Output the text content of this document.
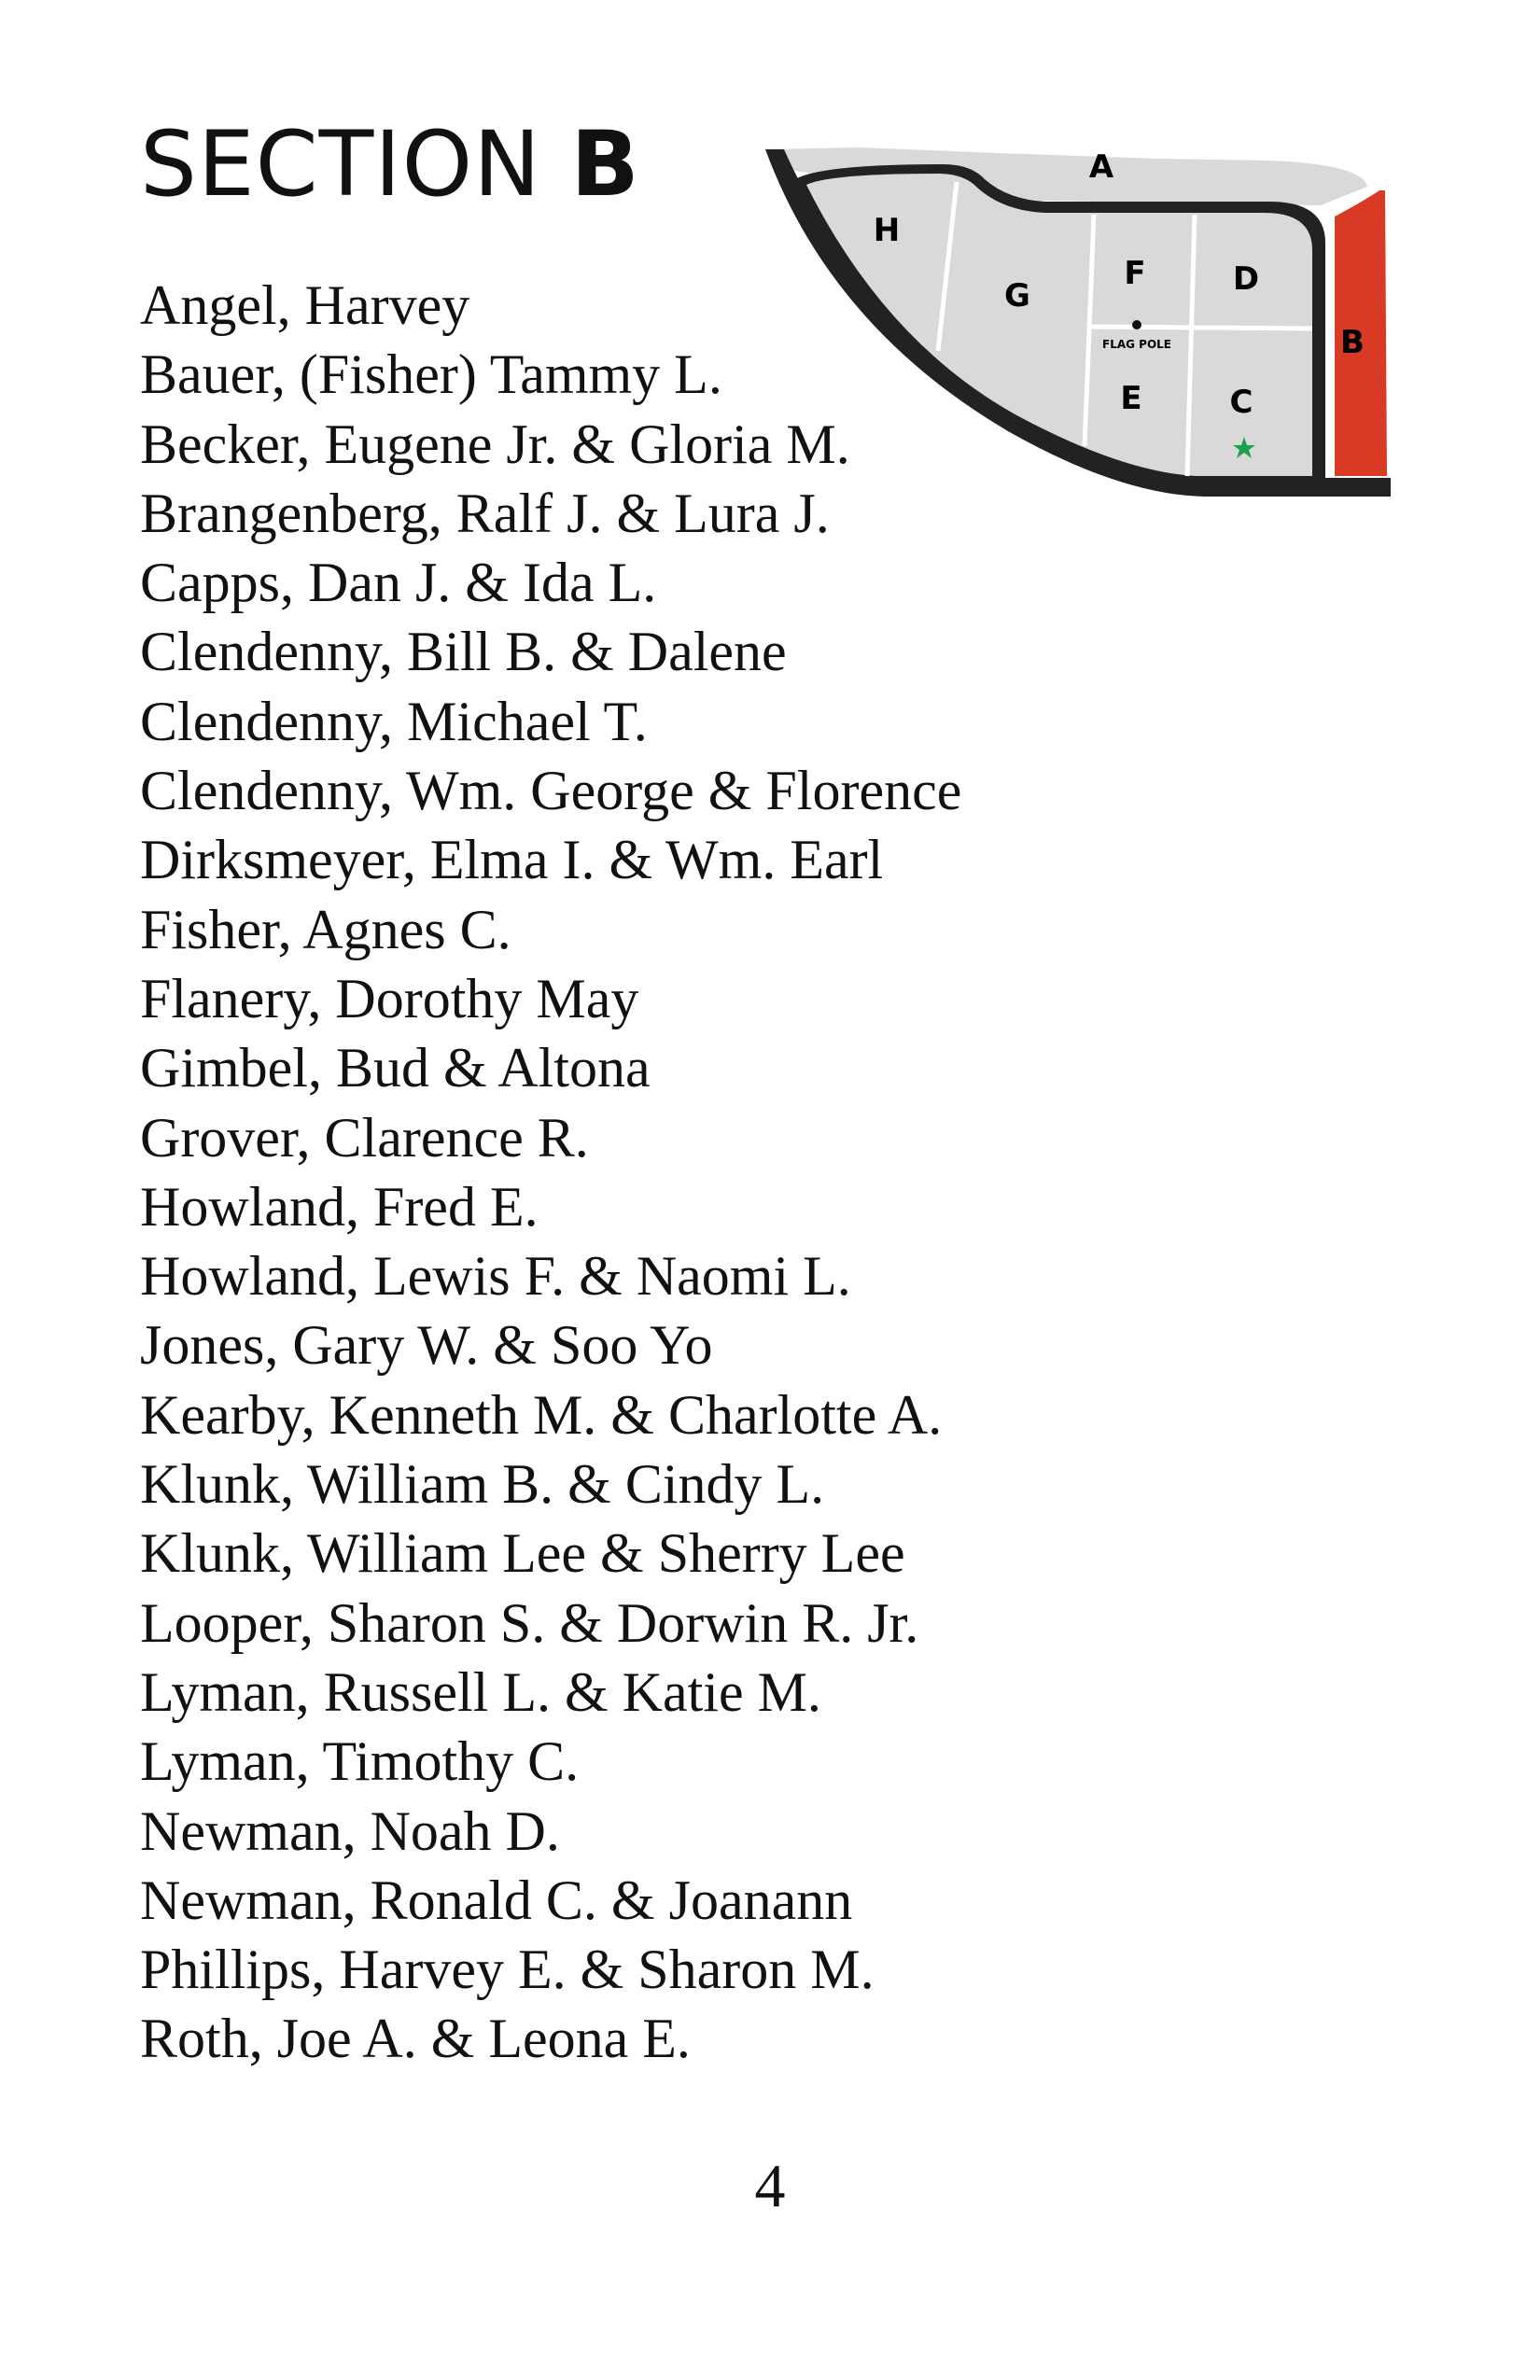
SECTION B	A
H
G
F	D
FLAG POLE
E	C
B
Angel, Harvey
Bauer, (Fisher) Tammy L.
Becker, Eugene Jr. & Gloria M.
Brangenberg, Ralf J. & Lura J.
Capps, Dan J. & Ida L.
Clendenny, Bill B. & Dalene
Clendenny, Michael T.
Clendenny, Wm. George & Florence
Dirksmeyer, Elma I. & Wm. Earl
Fisher, Agnes C.
Flanery, Dorothy May
Gimbel, Bud & Altona
Grover, Clarence R.
Howland, Fred E.
Howland, Lewis F. & Naomi L.
Jones, Gary W. & Soo Yo
Kearby, Kenneth M. & Charlotte A.
Klunk, William B. & Cindy L.
Klunk, William Lee & Sherry Lee
Looper, Sharon S. & Dorwin R. Jr.
Lyman, Russell L. & Katie M.
Lyman, Timothy C.
Newman, Noah D.
Newman, Ronald C. & Joanann
Phillips, Harvey E. & Sharon M.
Roth, Joe A. & Leona E.
4
